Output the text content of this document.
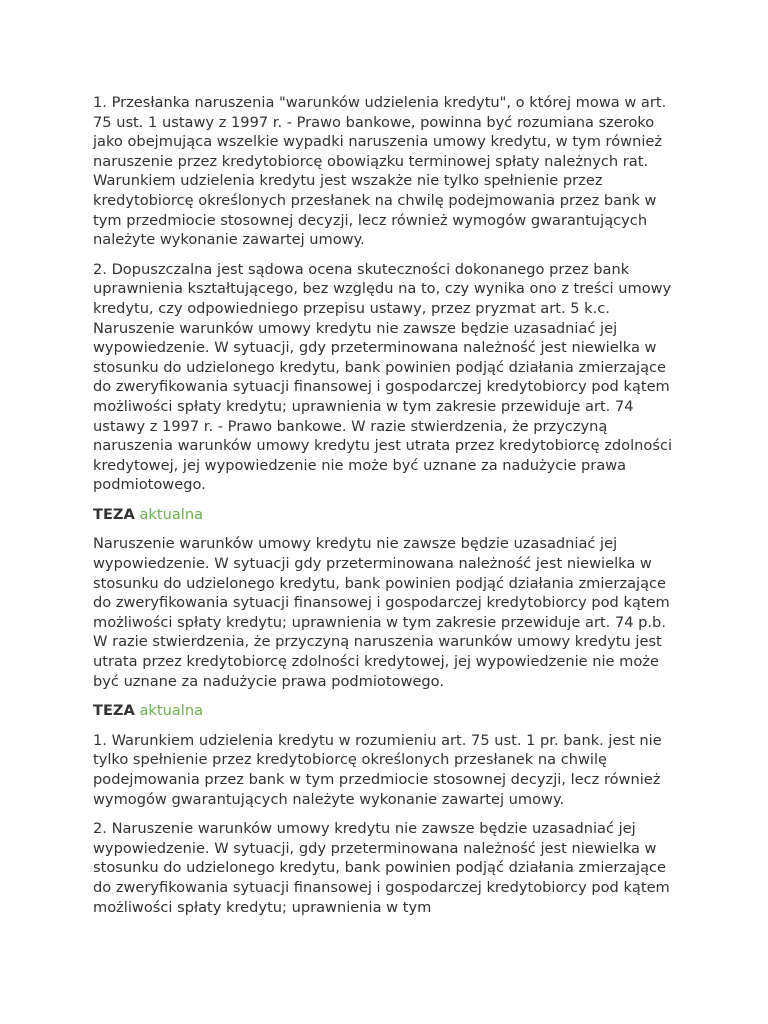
1. Przesłanka naruszenia "warunków udzielenia kredytu", o której mowa w art. 75 ust. 1 ustawy z 1997 r. - Prawo bankowe, powinna być rozumiana szeroko jako obejmująca wszelkie wypadki naruszenia umowy kredytu, w tym również naruszenie przez kredytobiorcę obowiązku terminowej spłaty należnych rat. Warunkiem udzielenia kredytu jest wszakże nie tylko spełnienie przez kredytobiorcę określonych przesłanek na chwilę podejmowania przez bank w tym przedmiocie stosownej decyzji, lecz również wymogów gwarantujących należyte wykonanie zawartej umowy.

2. Dopuszczalna jest sądowa ocena skuteczności dokonanego przez bank uprawnienia kształtującego, bez względu na to, czy wynika ono z treści umowy kredytu, czy odpowiedniego przepisu ustawy, przez pryzmat art. 5 k.c. Naruszenie warunków umowy kredytu nie zawsze będzie uzasadniać jej wypowiedzenie. W sytuacji, gdy przeterminowana należność jest niewielka w stosunku do udzielonego kredytu, bank powinien podjąć działania zmierzające do zweryfikowania sytuacji finansowej i gospodarczej kredytobiorcy pod kątem możliwości spłaty kredytu; uprawnienia w tym zakresie przewiduje art. 74 ustawy z 1997 r. - Prawo bankowe. W razie stwierdzenia, że przyczyną naruszenia warunków umowy kredytu jest utrata przez kredytobiorcę zdolności kredytowej, jej wypowiedzenie nie może być uznane za nadużycie prawa podmiotowego.

TEZA aktualna

Naruszenie warunków umowy kredytu nie zawsze będzie uzasadniać jej wypowiedzenie. W sytuacji gdy przeterminowana należność jest niewielka w stosunku do udzielonego kredytu, bank powinien podjąć działania zmierzające do zweryfikowania sytuacji finansowej i gospodarczej kredytobiorcy pod kątem możliwości spłaty kredytu; uprawnienia w tym zakresie przewiduje art. 74 p.b. W razie stwierdzenia, że przyczyną naruszenia warunków umowy kredytu jest utrata przez kredytobiorcę zdolności kredytowej, jej wypowiedzenie nie może być uznane za nadużycie prawa podmiotowego.

TEZA aktualna

1. Warunkiem udzielenia kredytu w rozumieniu art. 75 ust. 1 pr. bank. jest nie tylko spełnienie przez kredytobiorcę określonych przesłanek na chwilę podejmowania przez bank w tym przedmiocie stosownej decyzji, lecz również wymogów gwarantujących należyte wykonanie zawartej umowy.

2. Naruszenie warunków umowy kredytu nie zawsze będzie uzasadniać jej wypowiedzenie. W sytuacji, gdy przeterminowana należność jest niewielka w stosunku do udzielonego kredytu, bank powinien podjąć działania zmierzające do zweryfikowania sytuacji finansowej i gospodarczej kredytobiorcy pod kątem możliwości spłaty kredytu; uprawnienia w tym
